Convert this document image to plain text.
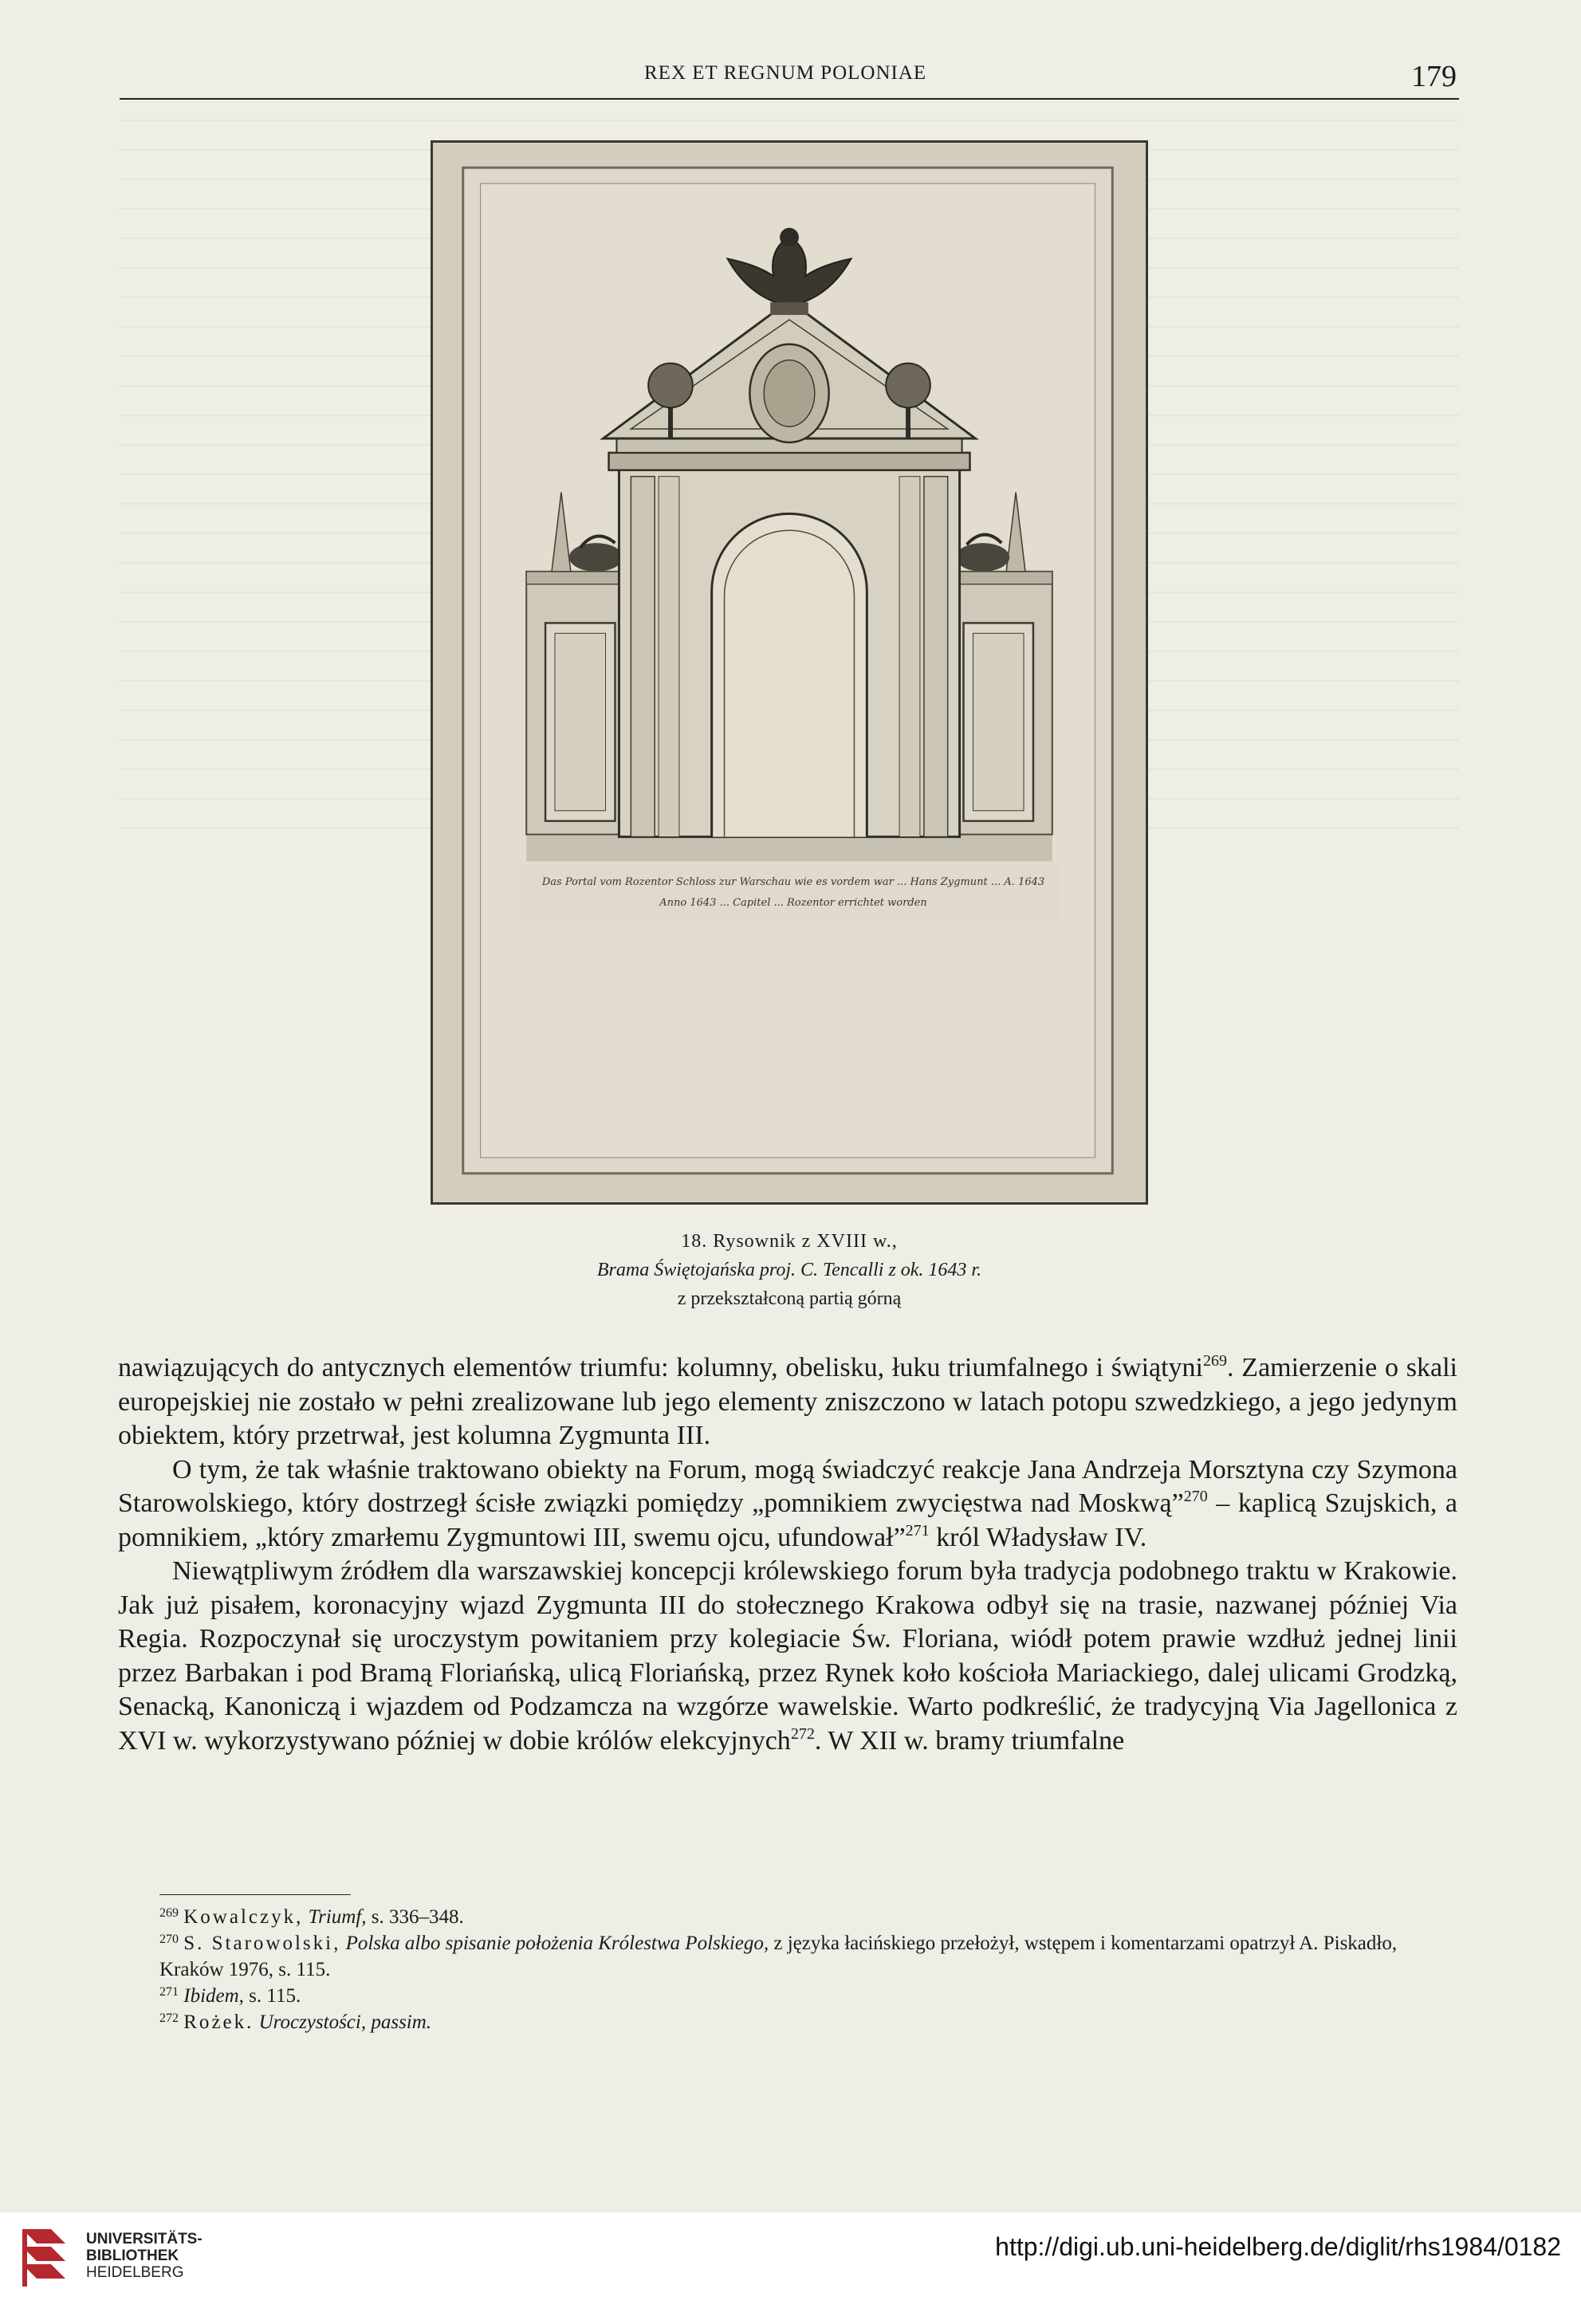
REX ET REGNUM POLONIAE	179
Das Portal vom Rozentor Schloss zur Warschau wie es vordem war ... Hans Zygmunt ... A. 1643
Anno 1643 ... Capitel ... Rozentor errichtet worden
18. Rysownik z XVIII w.,
Brama Świętojańska proj. C. Tencalli z ok. 1643 r.
z przekształconą partią górną

nawiązujących do antycznych elementów triumfu: kolumny, obelisku, łuku triumfalnego i świątyni$^{269}$. Zamierzenie o skali europejskiej nie zostało w pełni zrealizowane lub jego elementy zniszczono w latach potopu szwedzkiego, a jego jedynym obiektem, który przetrwał, jest kolumna Zygmunta III.

O tym, że tak właśnie traktowano obiekty na Forum, mogą świadczyć reakcje Jana Andrzeja Morsztyna czy Szymona Starowolskiego, który dostrzegł ścisłe związki pomiędzy „pomnikiem zwycięstwa nad Moskwą”$^{270}$ – kaplicą Szujskich, a pomnikiem, „który zmarłemu Zygmuntowi III, swemu ojcu, ufundował”$^{271}$ król Władysław IV.

Niewątpliwym źródłem dla warszawskiej koncepcji królewskiego forum była tradycja podobnego traktu w Krakowie. Jak już pisałem, koronacyjny wjazd Zygmunta III do stołecznego Krakowa odbył się na trasie, nazwanej później Via Regia. Rozpoczynał się uroczystym powitaniem przy kolegiacie Św. Floriana, wiódł potem prawie wzdłuż jednej linii przez Barbakan i pod Bramą Floriańską, ulicą Floriańską, przez Rynek koło kościoła Mariackiego, dalej ulicami Grodzką, Senacką, Kanoniczą i wjazdem od Podzamcza na wzgórze wawelskie. Warto podkreślić, że tradycyjną Via Jagellonica z XVI w. wykorzystywano później w dobie królów elekcyjnych$^{272}$. W XII w. bramy triumfalne

$^{269}$ Kowalczyk, Triumf, s. 336–348.

$^{270}$ S. Starowolski, Polska albo spisanie położenia Królestwa Polskiego, z języka łacińskiego przełożył, wstępem i komentarzami opatrzył A. Piskadło, Kraków 1976, s. 115.

$^{271}$ Ibidem, s. 115.

$^{272}$ Rożek. Uroczystości, passim.

UNIVERSITÄTS-
BIBLIOTHEK
HEIDELBERG
http://digi.ub.uni-heidelberg.de/diglit/rhs1984/0182
